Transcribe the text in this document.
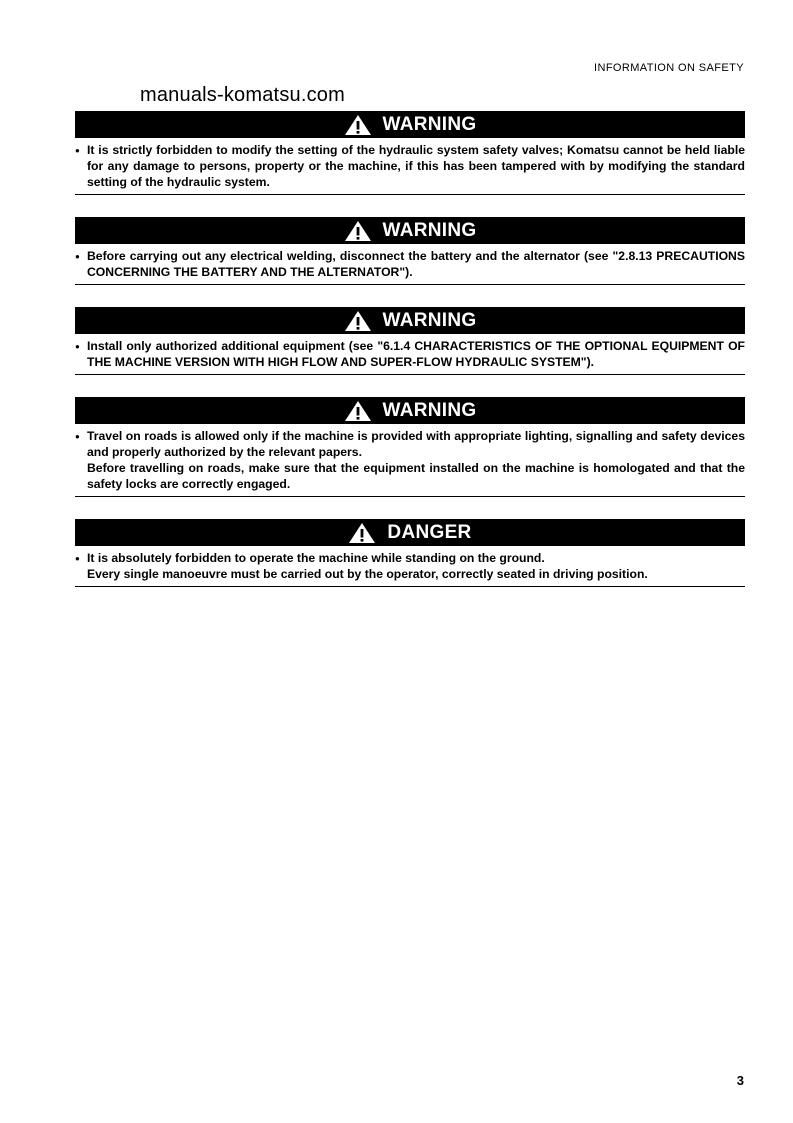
INFORMATION ON SAFETY
manuals-komatsu.com
WARNING
● It is strictly forbidden to modify the setting of the hydraulic system safety valves; Komatsu cannot be held liable for any damage to persons, property or the machine, if this has been tampered with by modifying the standard setting of the hydraulic system.

WARNING
● Before carrying out any electrical welding, disconnect the battery and the alternator (see "2.8.13 PRECAUTIONS CONCERNING THE BATTERY AND THE ALTERNATOR").

WARNING
● Install only authorized additional equipment (see "6.1.4 CHARACTERISTICS OF THE OPTIONAL EQUIPMENT OF THE MACHINE VERSION WITH HIGH FLOW AND SUPER-FLOW HYDRAULIC SYSTEM").

WARNING
● Travel on roads is allowed only if the machine is provided with appropriate lighting, signalling and safety devices and properly authorized by the relevant papers.

Before travelling on roads, make sure that the equipment installed on the machine is homologated and that the safety locks are correctly engaged.

DANGER
● It is absolutely forbidden to operate the machine while standing on the ground.

Every single manoeuvre must be carried out by the operator, correctly seated in driving position.

3
